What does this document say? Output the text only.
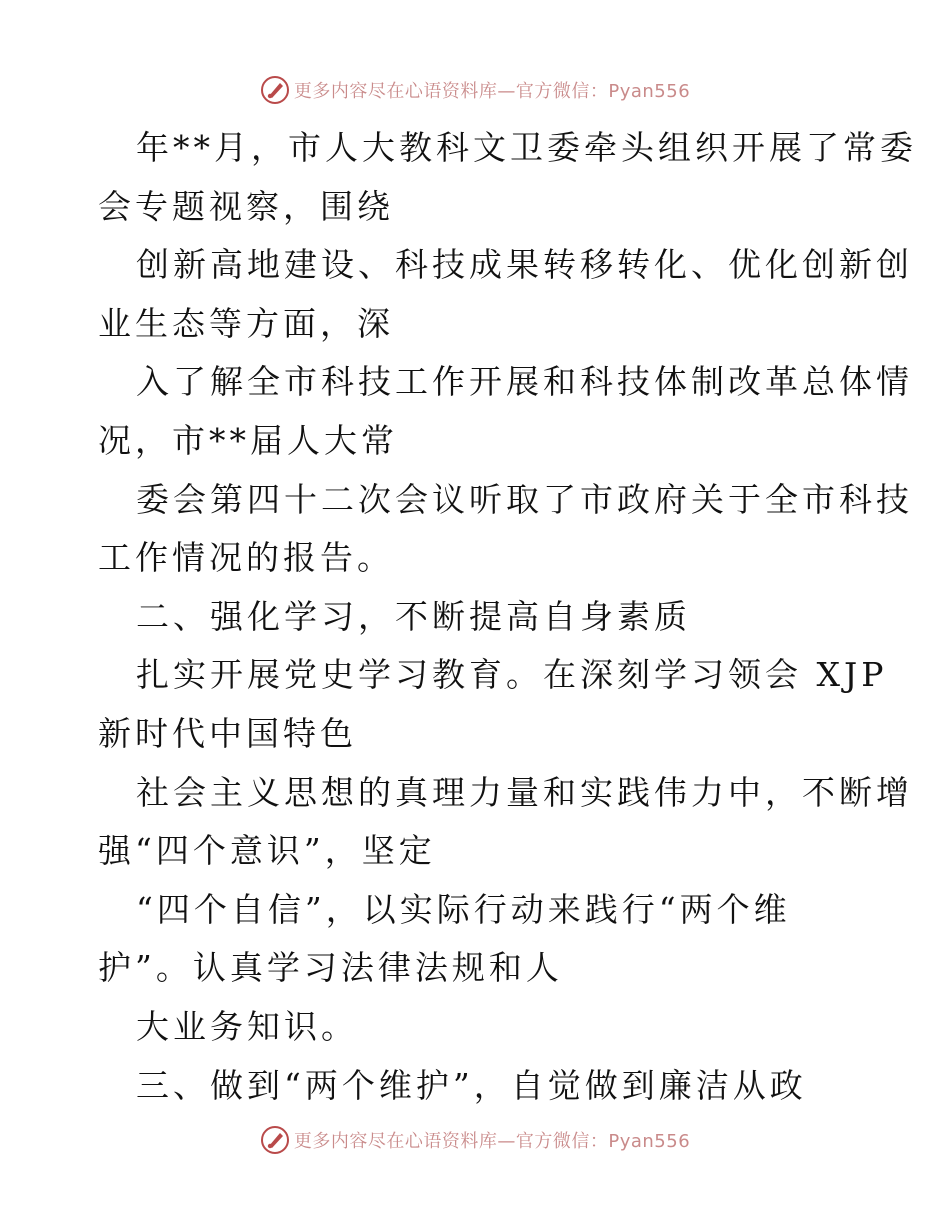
更多内容尽在心语资料库—官方微信：Pyan556
年**月，市人大教科文卫委牵头组织开展了常委
会专题视察，围绕
创新高地建设、科技成果转移转化、优化创新创
业生态等方面，深
入了解全市科技工作开展和科技体制改革总体情
况，市**届人大常
委会第四十二次会议听取了市政府关于全市科技
工作情况的报告。
二、强化学习，不断提高自身素质
扎实开展党史学习教育。在深刻学习领会 XJP
新时代中国特色
社会主义思想的真理力量和实践伟力中，不断增
强“四个意识”，坚定
“四个自信”，以实际行动来践行“两个维
护”。认真学习法律法规和人
大业务知识。
三、做到“两个维护”，自觉做到廉洁从政
更多内容尽在心语资料库—官方微信：Pyan556
